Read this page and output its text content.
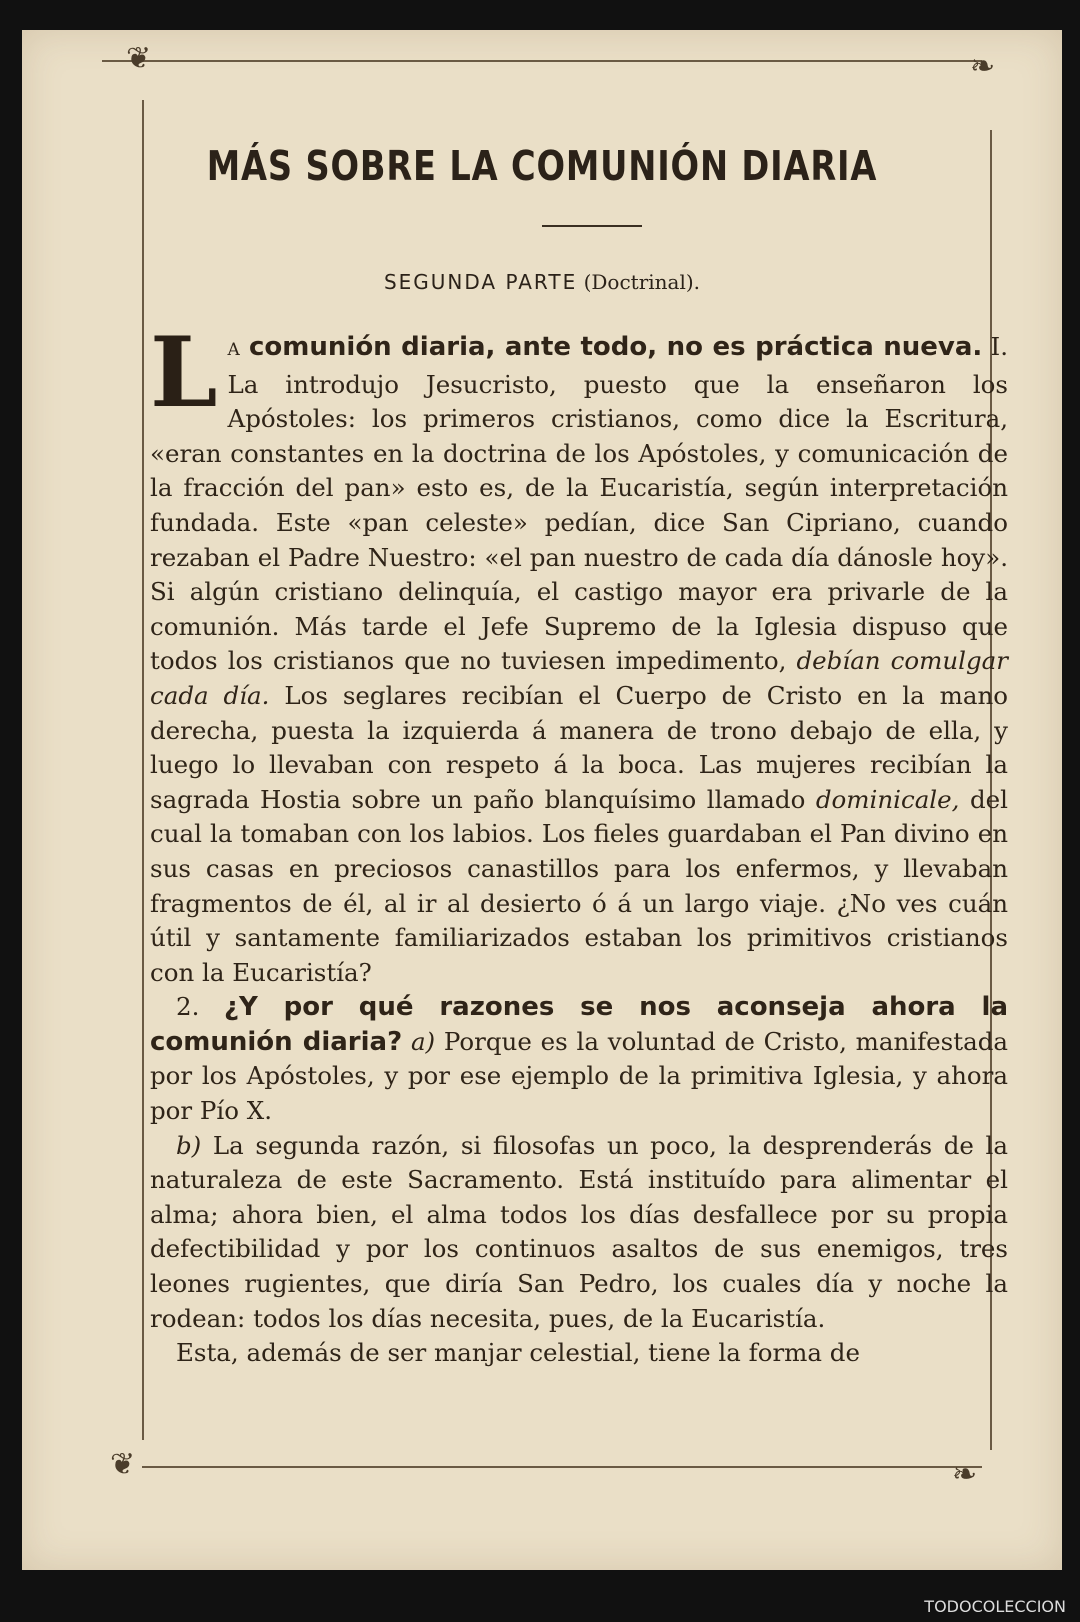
❦	❧
❦	❧
MÁS SOBRE LA COMUNIÓN DIARIA
SEGUNDA PARTE (Doctrinal).

L A comunión diaria, ante todo, no es práctica nueva. I. La introdujo Jesucristo, puesto que la enseñaron los Apóstoles: los primeros cristianos, como dice la Escritura, «eran constantes en la doctrina de los Apóstoles, y comunicación de la fracción del pan» esto es, de la Eucaristía, según interpretación fundada. Este «pan celeste» pedían, dice San Cipriano, cuando rezaban el Padre Nuestro: «el pan nuestro de cada día dánosle hoy». Si algún cristiano delinquía, el castigo mayor era privarle de la comunión. Más tarde el Jefe Supremo de la Iglesia dispuso que todos los cristianos que no tuviesen impedimento, debían comulgar cada día. Los seglares recibían el Cuerpo de Cristo en la mano derecha, puesta la izquierda á manera de trono debajo de ella, y luego lo llevaban con respeto á la boca. Las mujeres recibían la sagrada Hostia sobre un paño blanquísimo llamado dominicale, del cual la tomaban con los labios. Los fieles guardaban el Pan divino en sus casas en preciosos canastillos para los enfermos, y llevaban fragmentos de él, al ir al desierto ó á un largo viaje. ¿No ves cuán útil y santamente familiarizados estaban los primitivos cristianos con la Eucaristía?

2. ¿Y por qué razones se nos aconseja ahora la comunión diaria? a) Porque es la voluntad de Cristo, manifestada por los Apóstoles, y por ese ejemplo de la primitiva Iglesia, y ahora por Pío X.

b) La segunda razón, si filosofas un poco, la desprenderás de la naturaleza de este Sacramento. Está instituído para alimentar el alma; ahora bien, el alma todos los días desfallece por su propia defectibilidad y por los continuos asaltos de sus enemigos, tres leones rugientes, que diría San Pedro, los cuales día y noche la rodean: todos los días necesita, pues, de la Eucaristía.

Esta, además de ser manjar celestial, tiene la forma de

TODOCOLECCION
